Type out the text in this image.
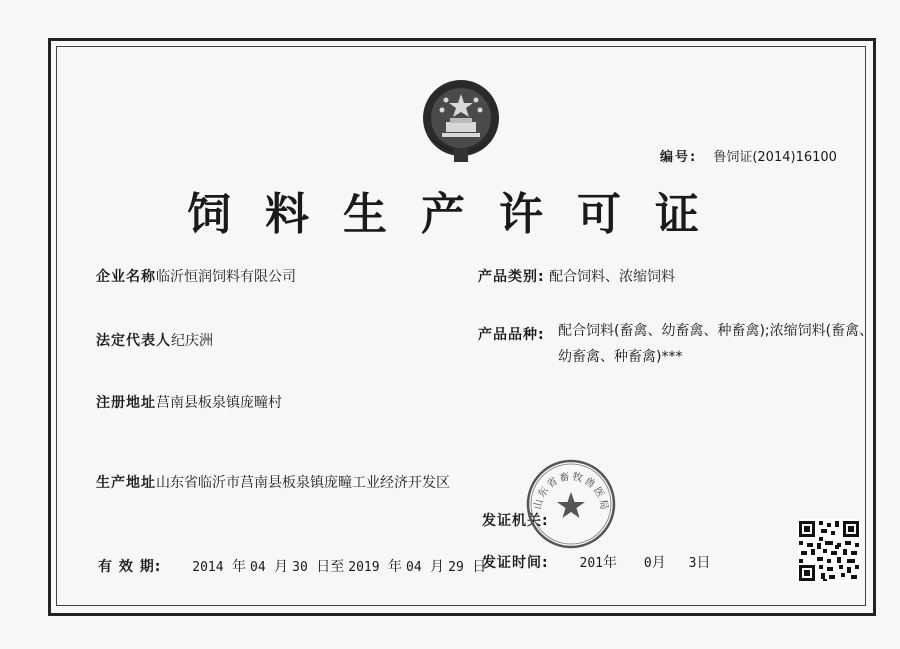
编号: 鲁饲证(2014)16100
饲料生产许可证
企业名称临沂恒润饲料有限公司
法定代表人纪庆洲
注册地址莒南县板泉镇庞疃村
生产地址山东省临沂市莒南县板泉镇庞疃工业经济开发区
产品类别: 配合饲料、浓缩饲料
产品品种: 配合饲料(畜禽、幼畜禽、种畜禽);浓缩饲料(畜禽、
幼畜禽、种畜禽)***
发证机关:
发证时间: 201年 0月 3日
有 效 期: 2014 年 04 月 30 日至 2019 年 04 月 29 日
山东省畜牧兽医局
